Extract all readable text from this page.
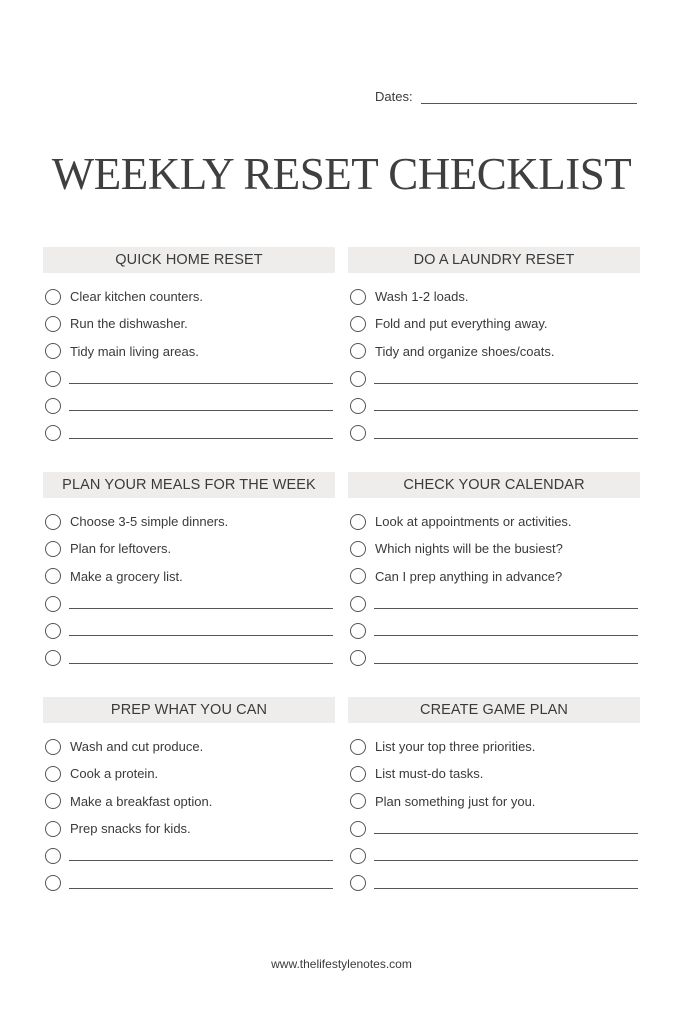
Dates:
WEEKLY RESET CHECKLIST
QUICK HOME RESET
Clear kitchen counters.
Run the dishwasher.
Tidy main living areas.
DO A LAUNDRY RESET
Wash 1-2 loads.
Fold and put everything away.
Tidy and organize shoes/coats.
PLAN YOUR MEALS FOR THE WEEK
Choose 3-5 simple dinners.
Plan for leftovers.
Make a grocery list.
CHECK YOUR CALENDAR
Look at appointments or activities.
Which nights will be the busiest?
Can I prep anything in advance?
PREP WHAT YOU CAN
Wash and cut produce.
Cook a protein.
Make a breakfast option.
Prep snacks for kids.
CREATE GAME PLAN
List your top three priorities.
List must-do tasks.
Plan something just for you.
www.thelifestylenotes.com
